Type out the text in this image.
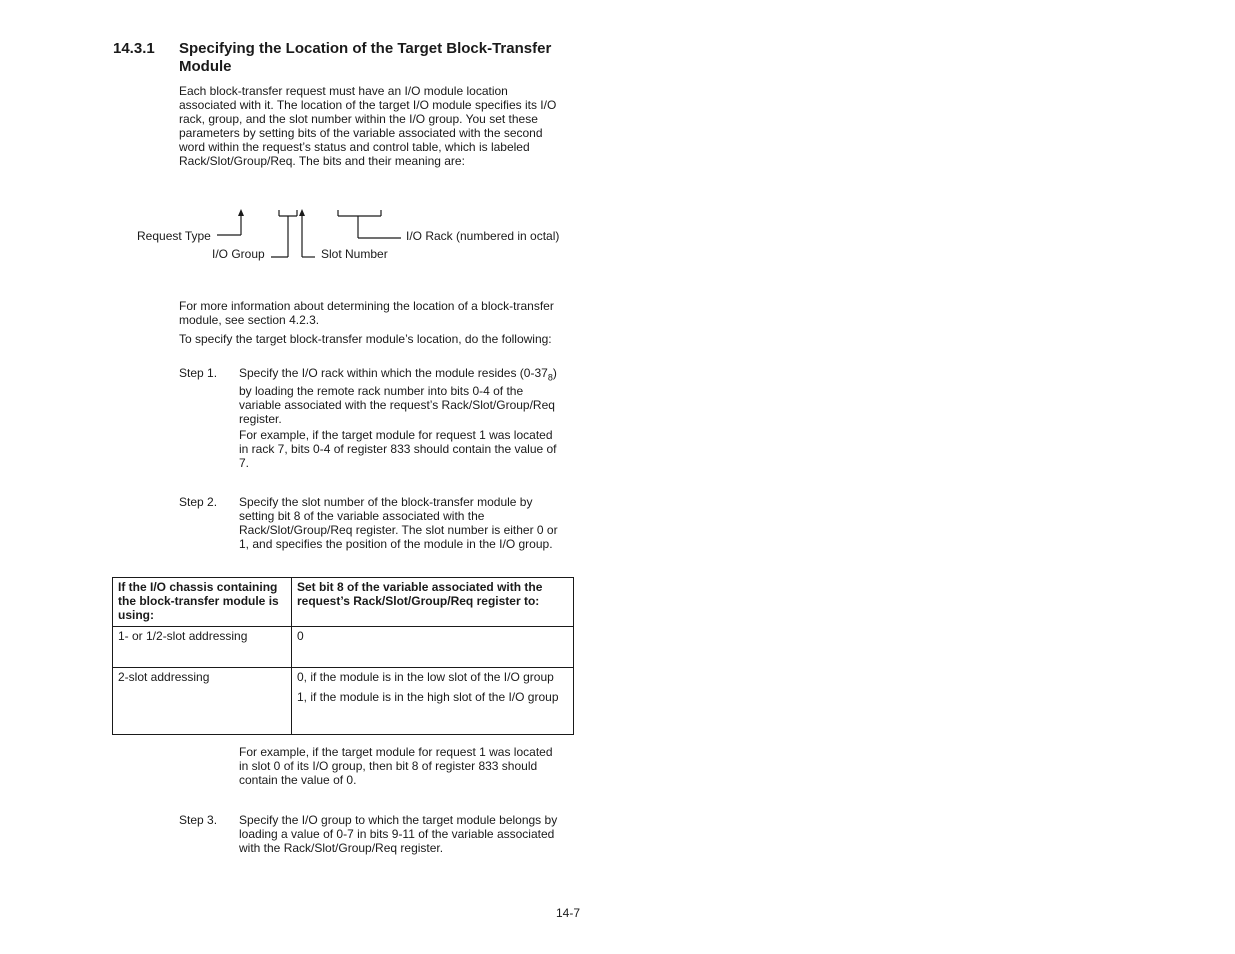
14.3.1 Specifying the Location of the Target Block-Transfer Module
Each block-transfer request must have an I/O module location associated with it. The location of the target I/O module specifies its I/O rack, group, and the slot number within the I/O group. You set these parameters by setting bits of the variable associated with the second word within the request’s status and control table, which is labeled Rack/Slot/Group/Req. The bits and their meaning are:
Request Type
I/O Group	Slot Number
I/O Rack (numbered in octal)
For more information about determining the location of a block-transfer module, see section 4.2.3.
To specify the target block-transfer module’s location, do the following:
Step 1. Specify the I/O rack within which the module resides $(0-37_8)$ by loading the remote rack number into bits 0-4 of the variable associated with the request’s Rack/Slot/Group/Req register.
For example, if the target module for request 1 was located in rack 7, bits 0-4 of register 833 should contain the value of 7.
Step 2. Specify the slot number of the block-transfer module by setting bit 8 of the variable associated with the Rack/Slot/Group/Req register. The slot number is either 0 or 1, and specifies the position of the module in the I/O group.
If the I/O chassis containing the block-transfer module is using:	Set bit 8 of the variable associated with the request’s Rack/Slot/Group/Req register to:
1- or 1/2-slot addressing	0

2-slot addressing	0, if the module is in the low slot of the I/O group

1, if the module is in the high slot of the I/O group

For example, if the target module for request 1 was located in slot 0 of its I/O group, then bit 8 of register 833 should contain the value of 0.
Step 3. Specify the I/O group to which the target module belongs by loading a value of 0-7 in bits 9-11 of the variable associated with the Rack/Slot/Group/Req register.
14-7
